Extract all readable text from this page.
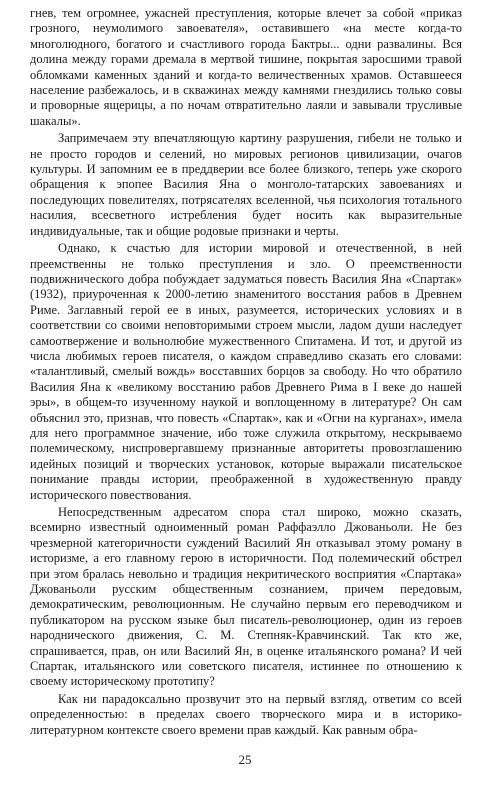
гнев, тем огромнее, ужасней преступления, которые влечет за собой «приказ грозного, неумолимого завоевателя», оставившего «на месте когда-то многолюдного, богатого и счастливого города Бактры... одни развалины. Вся долина между горами дремала в мертвой тишине, покрытая заросшими травой обломками каменных зданий и когда-то величественных храмов. Оставшееся население разбежалось, и в скважинах между камнями гнездились только совы и проворные ящерицы, а по ночам отвратительно лаяли и завывали трусливые шакалы».

Запримечаем эту впечатляющую картину разрушения, гибели не только и не просто городов и селений, но мировых регионов цивилизации, очагов культуры. И запомним ее в преддверии все более близкого, теперь уже скорого обращения к эпопее Василия Яна о монголо-татарских завоеваниях и последующих повелителях, потрясателях вселенной, чья психология тотального насилия, всесветного истребления будет носить как выразительные индивидуальные, так и общие родовые признаки и черты.

Однако, к счастью для истории мировой и отечественной, в ней преемственны не только преступления и зло. О преемственности подвижнического добра побуждает задуматься повесть Василия Яна «Спартак» (1932), приуроченная к 2000-летию знаменитого восстания рабов в Древнем Риме. Заглавный герой ее в иных, разумеется, исторических условиях и в соответствии со своими неповторимыми строем мысли, ладом души наследует самоотвержение и вольнолюбие мужественного Спитамена. И тот, и другой из числа любимых героев писателя, о каждом справедливо сказать его словами: «талантливый, смелый вождь» восставших борцов за свободу. Но что обратило Василия Яна к «великому восстанию рабов Древнего Рима в I веке до нашей эры», в общем-то изученному наукой и воплощенному в литературе? Он сам объяснил это, признав, что повесть «Спартак», как и «Огни на курганах», имела для него программное значение, ибо тоже служила открытому, нескрываемо полемическому, ниспровергавшему признанные авторитеты провозглашению идейных позиций и творческих установок, которые выражали писательское понимание правды истории, преображенной в художественную правду исторического повествования.

Непосредственным адресатом спора стал широко, можно сказать, всемирно известный одноименный роман Раффаэлло Джованьоли. Не без чрезмерной категоричности суждений Василий Ян отказывал этому роману в историзме, а его главному герою в историчности. Под полемический обстрел при этом бралась невольно и традиция некритического восприятия «Спартака» Джованьоли русским общественным сознанием, причем передовым, демократическим, революционным. Не случайно первым его переводчиком и публикатором на русском языке был писатель-революционер, один из героев народнического движения, С. М. Степняк-Кравчинский. Так кто же, спрашивается, прав, он или Василий Ян, в оценке итальянского романа? И чей Спартак, итальянского или советского писателя, истиннее по отношению к своему историческому прототипу?

Как ни парадоксально прозвучит это на первый взгляд, ответим со всей определенностью: в пределах своего творческого мира и в историко-литературном контексте своего времени прав каждый. Как равным обра-

25
